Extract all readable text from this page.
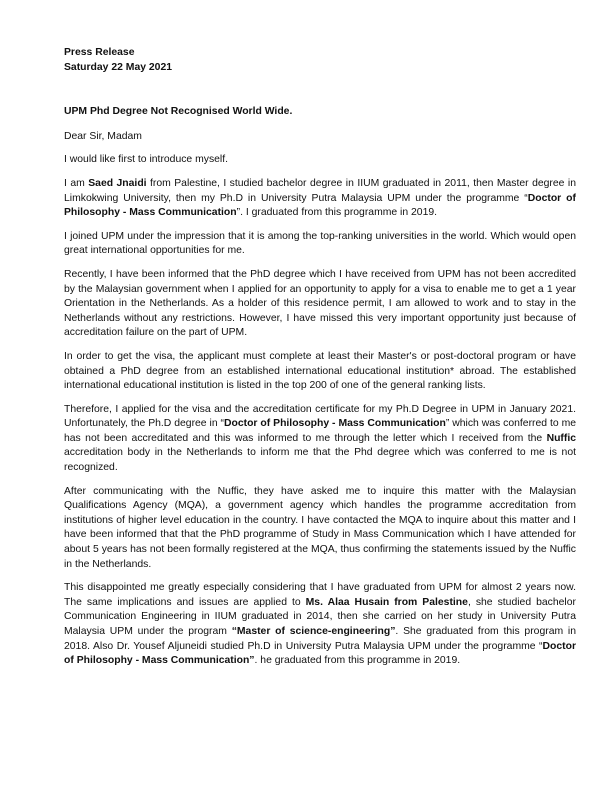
Press Release

Saturday 22 May 2021

UPM Phd Degree Not Recognised World Wide.

Dear Sir, Madam

I would like first to introduce myself.

I am Saed Jnaidi from Palestine, I studied bachelor degree in IIUM graduated in 2011, then Master degree in Limkokwing University, then my Ph.D in University Putra Malaysia UPM under the programme “Doctor of Philosophy - Mass Communication”. I graduated from this programme in 2019.

I joined UPM under the impression that it is among the top-ranking universities in the world. Which would open great international opportunities for me.

Recently, I have been informed that the PhD degree which I have received from UPM has not been accredited by the Malaysian government when I applied for an opportunity to apply for a visa to enable me to get a 1 year Orientation in the Netherlands. As a holder of this residence permit, I am allowed to work and to stay in the Netherlands without any restrictions. However, I have missed this very important opportunity just because of accreditation failure on the part of UPM.

In order to get the visa, the applicant must complete at least their Master's or post-doctoral program or have obtained a PhD degree from an established international educational institution* abroad. The established international educational institution is listed in the top 200 of one of the general ranking lists.

Therefore, I applied for the visa and the accreditation certificate for my Ph.D Degree in UPM in January 2021. Unfortunately, the Ph.D degree in “Doctor of Philosophy - Mass Communication” which was conferred to me has not been accreditated and this was informed to me through the letter which I received from the Nuffic accreditation body in the Netherlands to inform me that the Phd degree which was conferred to me is not recognized.

After communicating with the Nuffic, they have asked me to inquire this matter with the Malaysian Qualifications Agency (MQA), a government agency which handles the programme accreditation from institutions of higher level education in the country. I have contacted the MQA to inquire about this matter and I have been informed that that the PhD programme of Study in Mass Communication which I have attended for about 5 years has not been formally registered at the MQA, thus confirming the statements issued by the Nuffic in the Netherlands.

This disappointed me greatly especially considering that I have graduated from UPM for almost 2 years now. The same implications and issues are applied to Ms. Alaa Husain from Palestine, she studied bachelor Communication Engineering in IIUM graduated in 2014, then she carried on her study in University Putra Malaysia UPM under the program “Master of science-engineering”. She graduated from this program in 2018. Also Dr. Yousef Aljuneidi studied Ph.D in University Putra Malaysia UPM under the programme “Doctor of Philosophy - Mass Communication”. he graduated from this programme in 2019.
